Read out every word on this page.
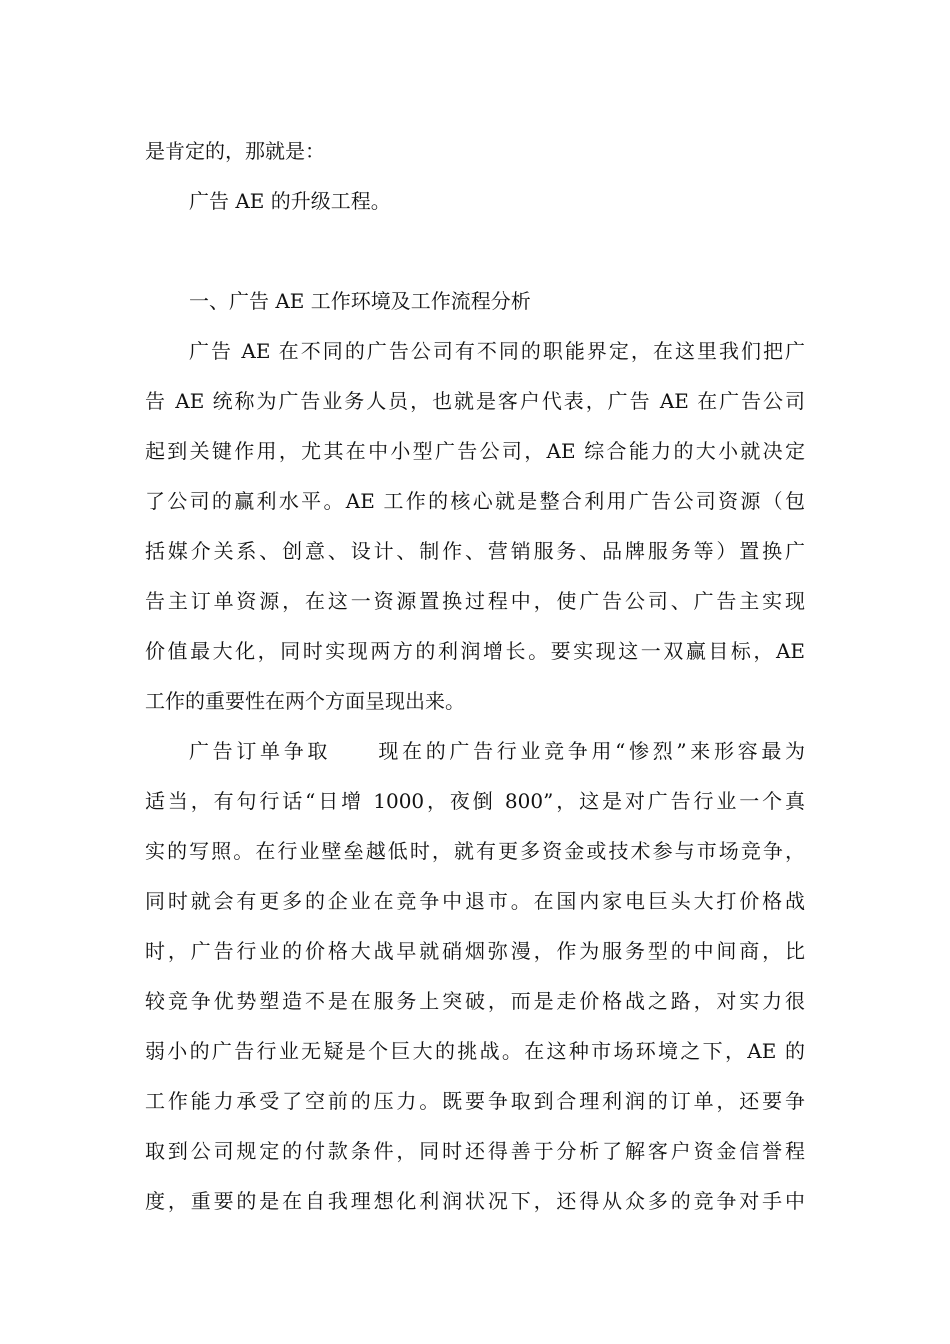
是肯定的，那就是：
广告 AE 的升级工程。
一、广告 AE 工作环境及工作流程分析
广告 AE 在不同的广告公司有不同的职能界定，在这里我们把广
告 AE 统称为广告业务人员，也就是客户代表，广告 AE 在广告公司
起到关键作用，尤其在中小型广告公司，AE 综合能力的大小就决定
了公司的赢利水平。AE 工作的核心就是整合利用广告公司资源（包
括媒介关系、创意、设计、制作、营销服务、品牌服务等）置换广
告主订单资源，在这一资源置换过程中，使广告公司、广告主实现
价值最大化，同时实现两方的利润增长。要实现这一双赢目标，AE
工作的重要性在两个方面呈现出来。
广告订单争取　　现在的广告行业竞争用“惨烈”来形容最为
适当，有句行话“日增 1000，夜倒 800”，这是对广告行业一个真
实的写照。在行业壁垒越低时，就有更多资金或技术参与市场竞争，
同时就会有更多的企业在竞争中退市。在国内家电巨头大打价格战
时，广告行业的价格大战早就硝烟弥漫，作为服务型的中间商，比
较竞争优势塑造不是在服务上突破，而是走价格战之路，对实力很
弱小的广告行业无疑是个巨大的挑战。在这种市场环境之下，AE 的
工作能力承受了空前的压力。既要争取到合理利润的订单，还要争
取到公司规定的付款条件，同时还得善于分析了解客户资金信誉程
度，重要的是在自我理想化利润状况下，还得从众多的竞争对手中
